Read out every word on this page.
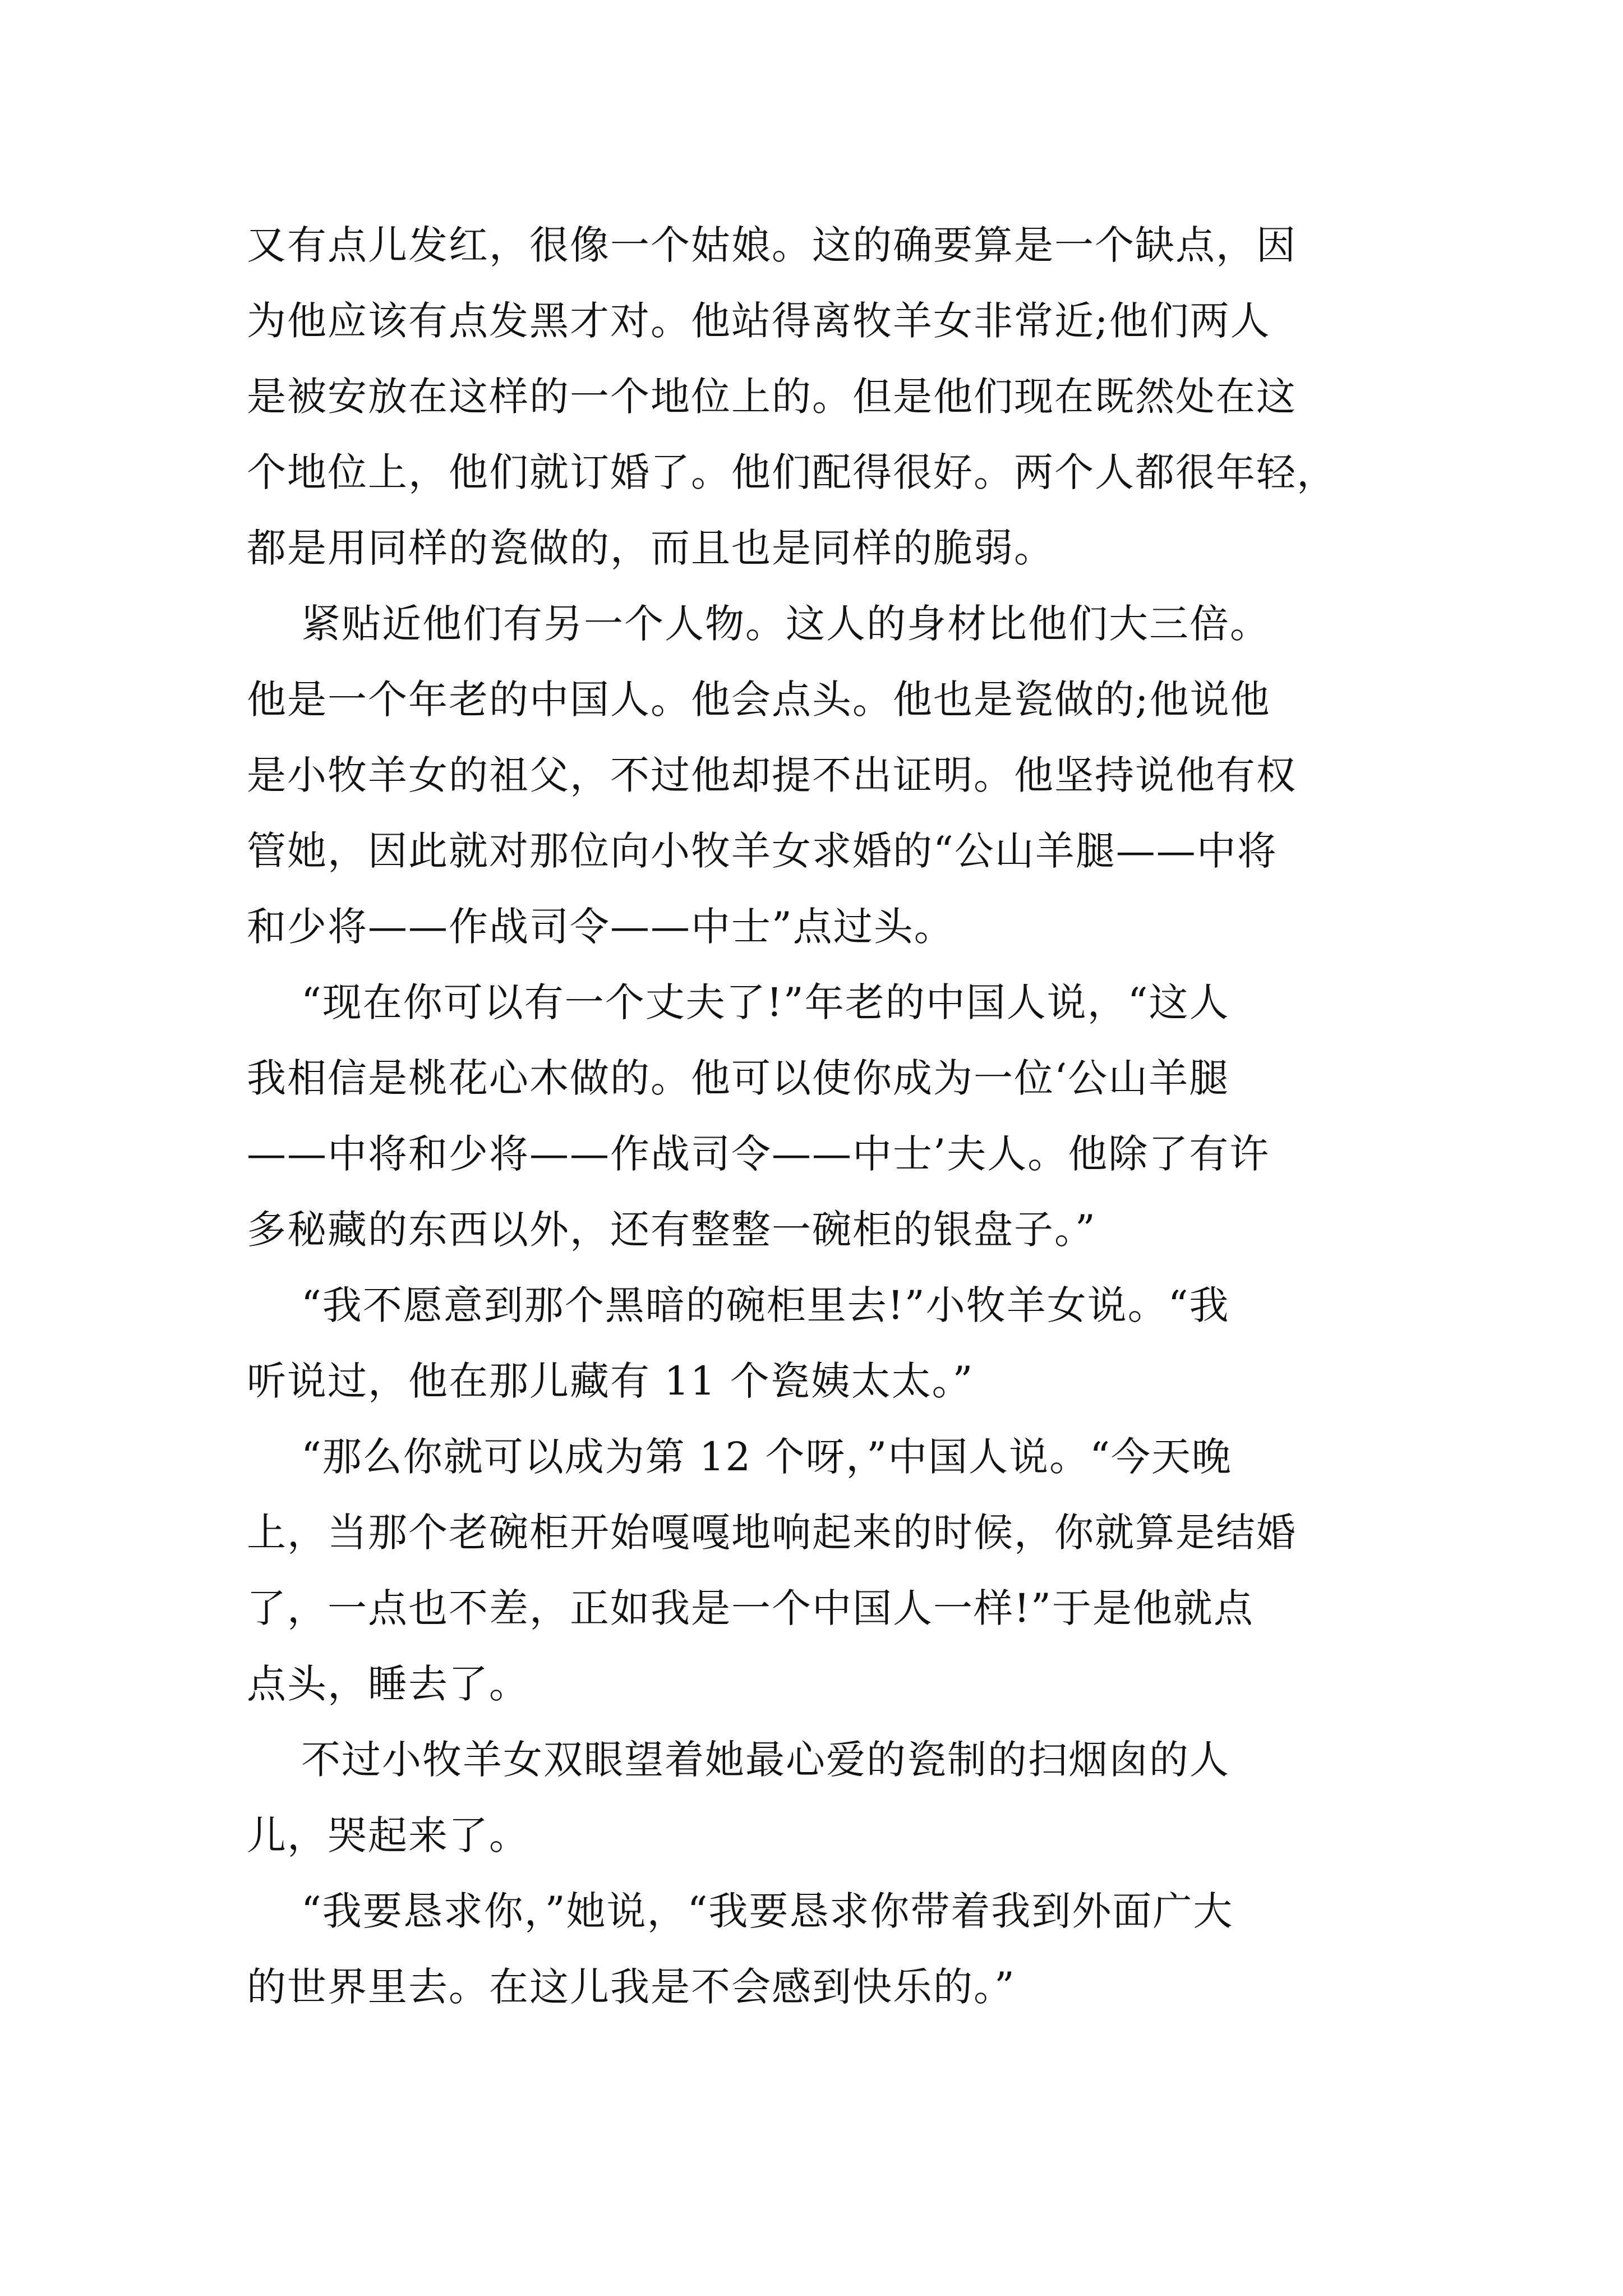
又有点儿发红，很像一个姑娘。这的确要算是一个缺点，因
为他应该有点发黑才对。他站得离牧羊女非常近;他们两人
是被安放在这样的一个地位上的。但是他们现在既然处在这
个地位上，他们就订婚了。他们配得很好。两个人都很年轻，
都是用同样的瓷做的，而且也是同样的脆弱。
紧贴近他们有另一个人物。这人的身材比他们大三倍。
他是一个年老的中国人。他会点头。他也是瓷做的;他说他
是小牧羊女的祖父，不过他却提不出证明。他坚持说他有权
管她，因此就对那位向小牧羊女求婚的“公山羊腿——中将
和少将——作战司令——中士”点过头。
“现在你可以有一个丈夫了!”年老的中国人说，“这人
我相信是桃花心木做的。他可以使你成为一位‘公山羊腿
——中将和少将——作战司令——中士’夫人。他除了有许
多秘藏的东西以外，还有整整一碗柜的银盘子。”
“我不愿意到那个黑暗的碗柜里去!”小牧羊女说。“我
听说过，他在那儿藏有 11 个瓷姨太太。”
“那么你就可以成为第 12 个呀，”中国人说。“今天晚
上，当那个老碗柜开始嘎嘎地响起来的时候，你就算是结婚
了，一点也不差，正如我是一个中国人一样!”于是他就点
点头，睡去了。
不过小牧羊女双眼望着她最心爱的瓷制的扫烟囱的人
儿，哭起来了。
“我要恳求你，”她说，“我要恳求你带着我到外面广大
的世界里去。在这儿我是不会感到快乐的。”
